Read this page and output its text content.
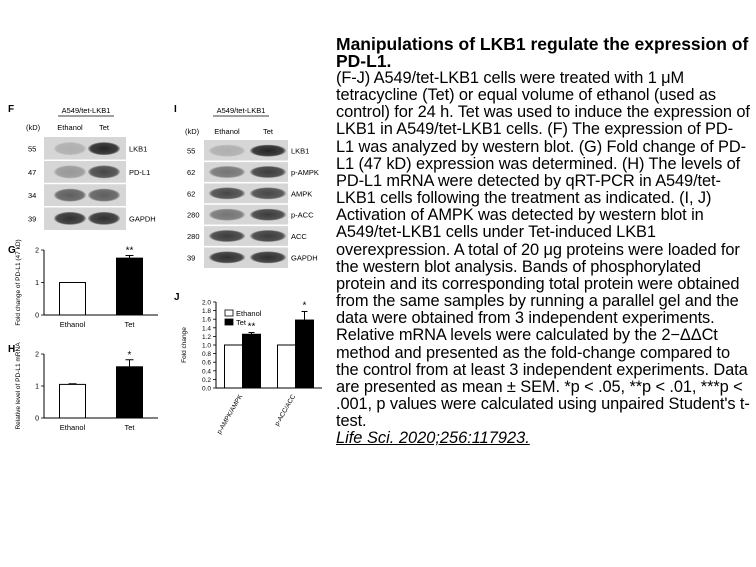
F	A549/tet-LKB1
(kD) Ethanol Tet
55	LKB1
47	PD-L1
34
39	GAPDH
I	A549/tet-LKB1
(kD) Ethanol	Tet
55	LKB1
62	p-AMPK
62	AMPK
280	p-ACC
280	ACC
39	GAPDH
0
1
2
Fold change of PD-L1 (47 kD)	Ethanol
**
Tet
G
0
1
2
Relative level of PD-L1 mRNA	Ethanol
*
Tet
H
0.0
0.2
0.4
0.6
0.8
1.0
1.2
1.4
1.6
1.8
2.0
Fold change
**
p-AMPK/AMPK
*
p-ACC/ACC
Ethanol
Tet
J

Manipulations of LKB1 regulate the expression of PD-L1.

(F-J) A549/tet-LKB1 cells were treated with 1 μM tetracycline (Tet) or equal volume of ethanol (used as control) for 24 h. Tet was used to induce the expression of LKB1 in A549/tet-LKB1 cells. (F) The expression of PD-L1 was analyzed by western blot. (G) Fold change of PD-L1 (47 kD) expression was determined. (H) The levels of PD-L1 mRNA were detected by qRT-PCR in A549/tet-LKB1 cells following the treatment as indicated. (I, J) Activation of AMPK was detected by western blot in A549/tet-LKB1 cells under Tet-induced LKB1 overexpression. A total of 20 μg proteins were loaded for the western blot analysis. Bands of phosphorylated protein and its corresponding total protein were obtained from the same samples by running a parallel gel and the data were obtained from 3 independent experiments. Relative mRNA levels were calculated by the 2−ΔΔCt method and presented as the fold-change compared to the control from at least 3 independent experiments. Data are presented as mean ± SEM. *p < .05, **p < .01, ***p < .001, p values were calculated using unpaired Student's t-test.

Life Sci. 2020;256:117923.
